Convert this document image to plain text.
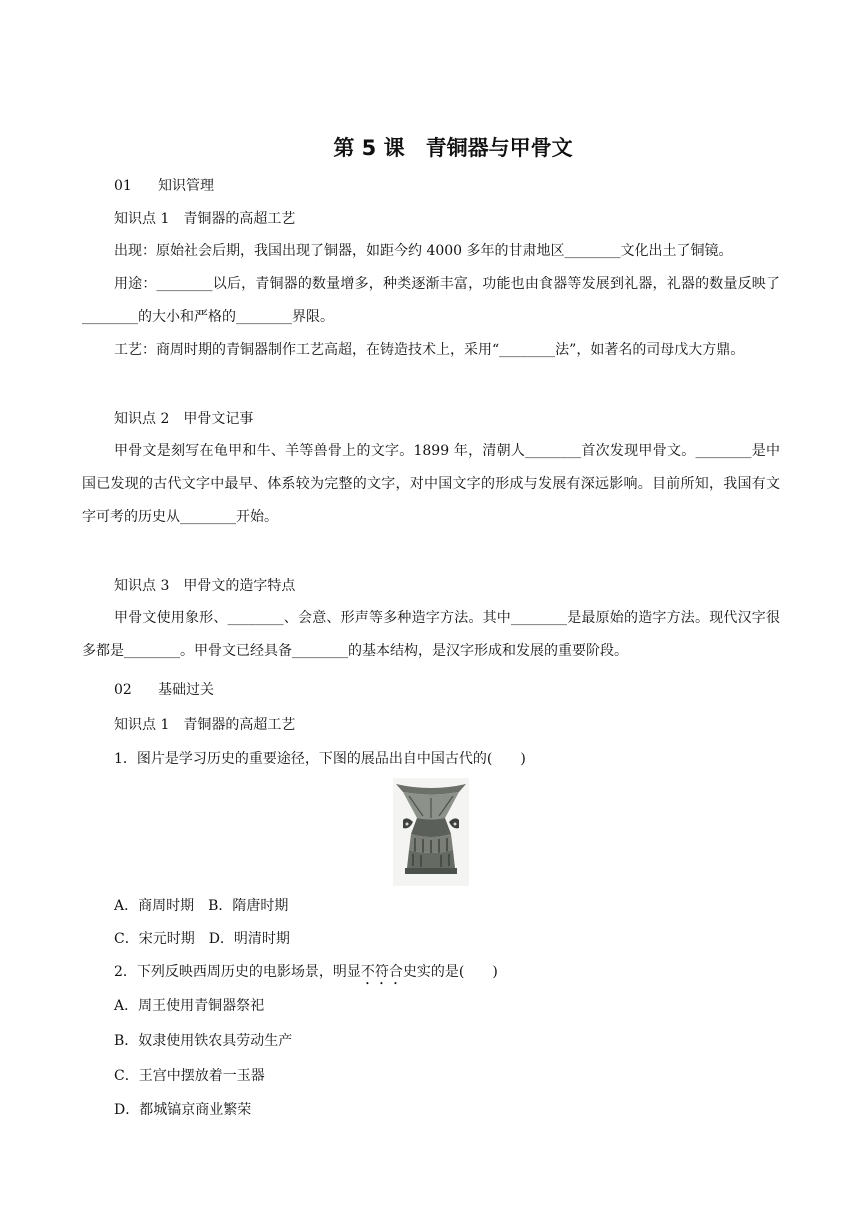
第 5 课　青铜器与甲骨文
01 知识管理
知识点 1　青铜器的高超工艺
出现：原始社会后期，我国出现了铜器，如距今约 4000 多年的甘肃地区________文化出土了铜镜。
用途：________以后，青铜器的数量增多，种类逐渐丰富，功能也由食器等发展到礼器，礼器的数量反映了________的大小和严格的________界限。
工艺：商周时期的青铜器制作工艺高超，在铸造技术上，采用“________法”，如著名的司母戊大方鼎。
知识点 2　甲骨文记事
甲骨文是刻写在龟甲和牛、羊等兽骨上的文字。1899 年，清朝人________首次发现甲骨文。________是中国已发现的古代文字中最早、体系较为完整的文字，对中国文字的形成与发展有深远影响。目前所知，我国有文字可考的历史从________开始。
知识点 3　甲骨文的造字特点
甲骨文使用象形、________、会意、形声等多种造字方法。其中________是最原始的造字方法。现代汉字很多都是________。甲骨文已经具备________的基本结构，是汉字形成和发展的重要阶段。
02 基础过关
知识点 1　青铜器的高超工艺
1．图片是学习历史的重要途径，下图的展品出自中国古代的(　　)
A．商周时期　B．隋唐时期
C．宋元时期　D．明清时期
2．下列反映西周历史的电影场景，明显不符合史实的是(　　)
A．周王使用青铜器祭祀
B．奴隶使用铁农具劳动生产
C．王宫中摆放着一玉器
D．都城镐京商业繁荣
